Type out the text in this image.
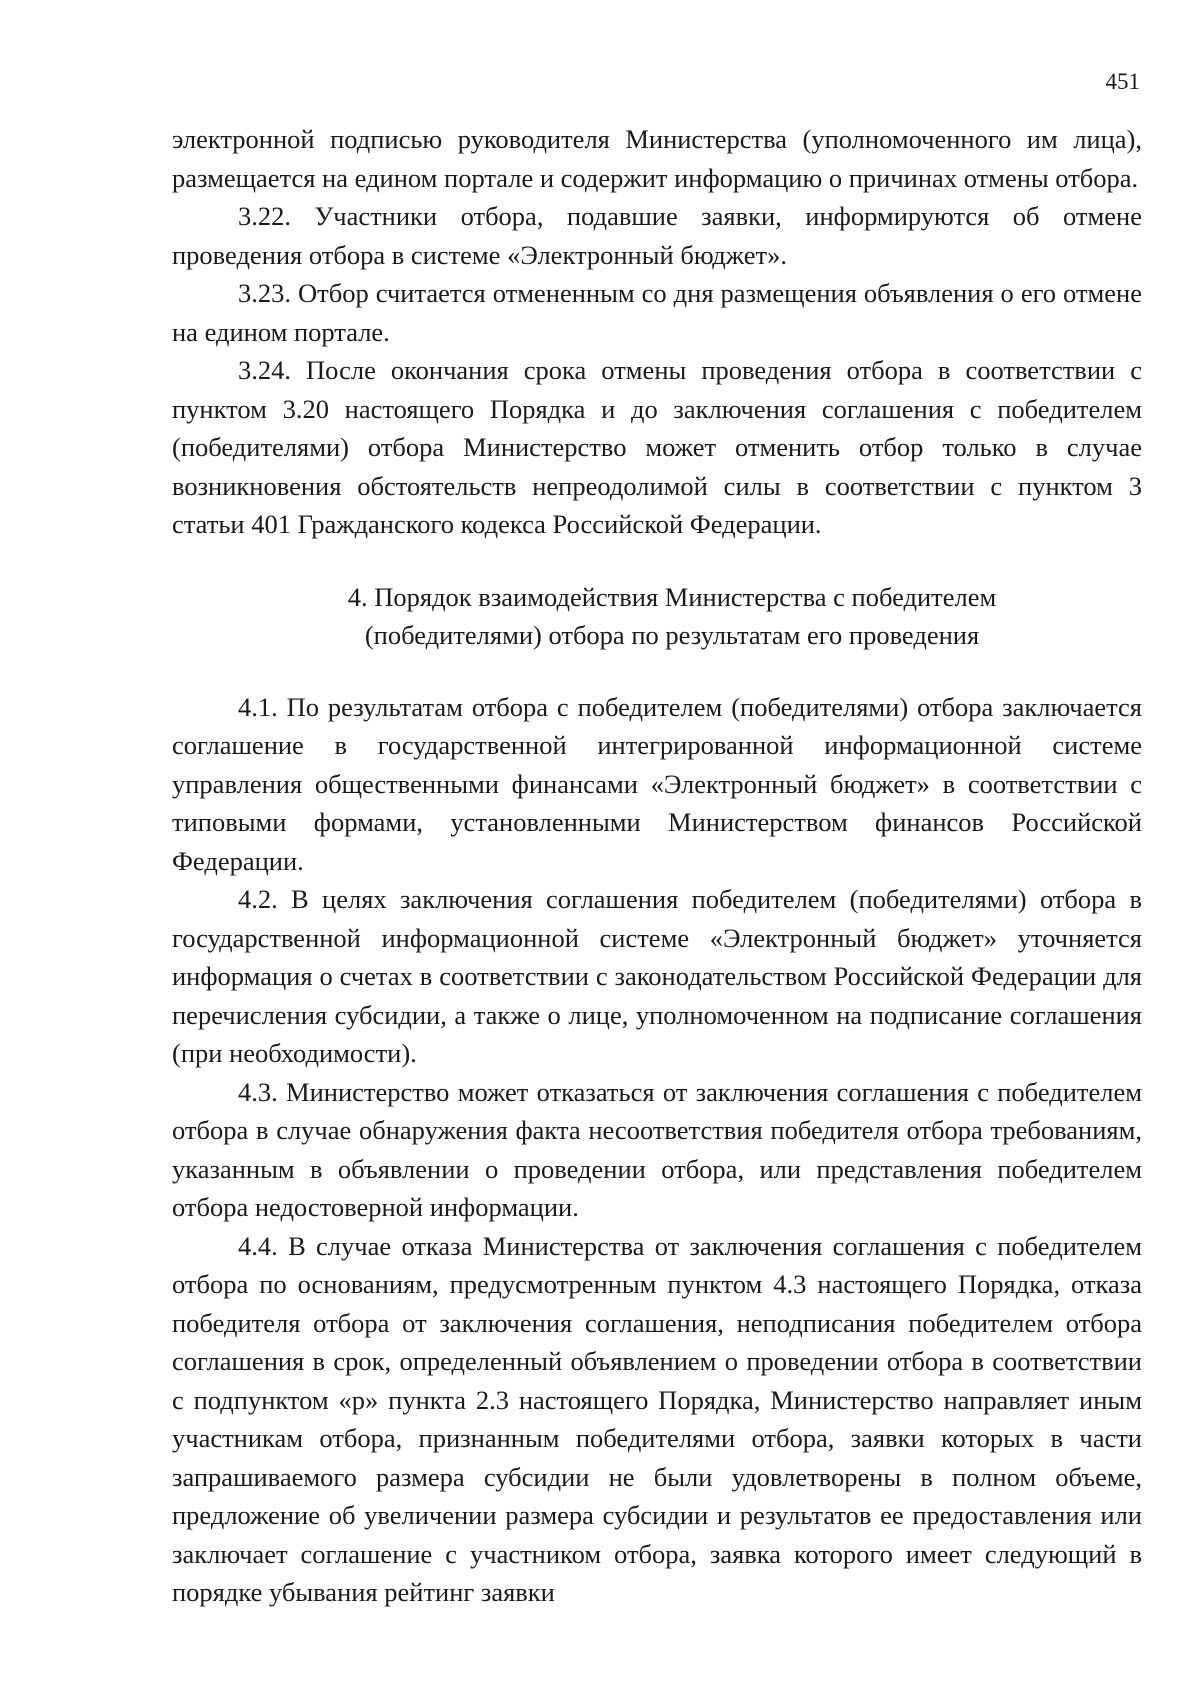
451

электронной подписью руководителя Министерства (уполномоченного им лица), размещается на едином портале и содержит информацию о причинах отмены отбора.

3.22. Участники отбора, подавшие заявки, информируются об отмене проведения отбора в системе «Электронный бюджет».

3.23. Отбор считается отмененным со дня размещения объявления о его отмене на едином портале.

3.24. После окончания срока отмены проведения отбора в соответствии с пунктом 3.20 настоящего Порядка и до заключения соглашения с победителем (победителями) отбора Министерство может отменить отбор только в случае возникновения обстоятельств непреодолимой силы в соответствии с пунктом 3 статьи 401 Гражданского кодекса Российской Федерации.

4. Порядок взаимодействия Министерства с победителем
(победителями) отбора по результатам его проведения

4.1. По результатам отбора с победителем (победителями) отбора заключается соглашение в государственной интегрированной информационной системе управления общественными финансами «Электронный бюджет» в соответствии с типовыми формами, установленными Министерством финансов Российской Федерации.

4.2. В целях заключения соглашения победителем (победителями) отбора в государственной информационной системе «Электронный бюджет» уточняется информация о счетах в соответствии с законодательством Российской Федерации для перечисления субсидии, а также о лице, уполномоченном на подписание соглашения (при необходимости).

4.3. Министерство может отказаться от заключения соглашения с победителем отбора в случае обнаружения факта несоответствия победителя отбора требованиям, указанным в объявлении о проведении отбора, или представления победителем отбора недостоверной информации.

4.4. В случае отказа Министерства от заключения соглашения с победителем отбора по основаниям, предусмотренным пунктом 4.3 настоящего Порядка, отказа победителя отбора от заключения соглашения, неподписания победителем отбора соглашения в срок, определенный объявлением о проведении отбора в соответствии с подпунктом «р» пункта 2.3 настоящего Порядка, Министерство направляет иным участникам отбора, признанным победителями отбора, заявки которых в части запрашиваемого размера субсидии не были удовлетворены в полном объеме, предложение об увеличении размера субсидии и результатов ее предоставления или заключает соглашение с участником отбора, заявка которого имеет следующий в порядке убывания рейтинг заявки
